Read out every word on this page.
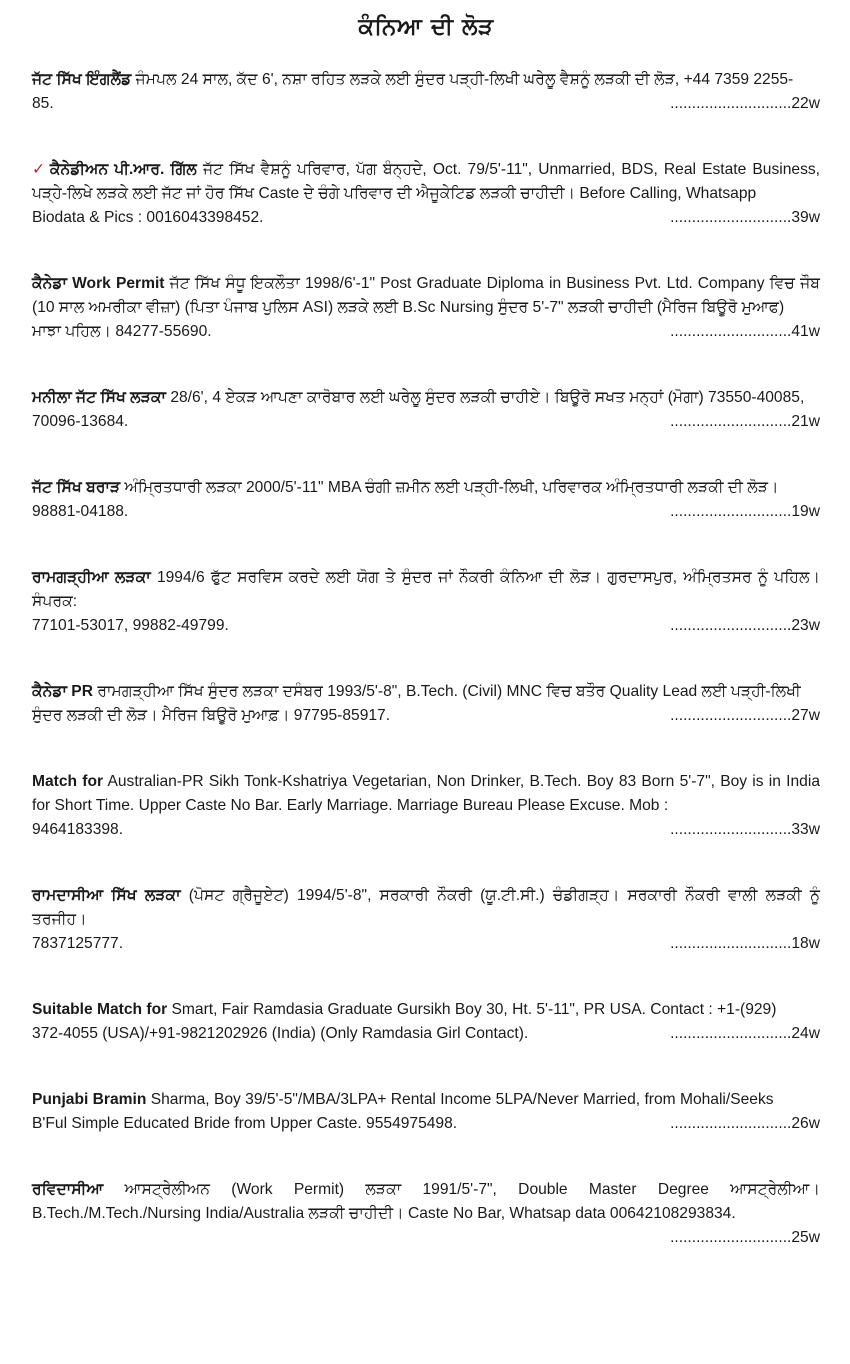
ਕੰਨਿਆ ਦੀ ਲੋੜ
ਜੱਟ ਸਿੱਖ ਇੰਗਲੈਂਡ ਜੰਮਪਲ 24 ਸਾਲ, ਕੱਦ 6', ਨਸ਼ਾ ਰਹਿਤ ਲੜਕੇ ਲਈ ਸੁੰਦਰ ਪੜ੍ਹੀ-ਲਿਖੀ ਘਰੇਲੂ ਵੈਸ਼ਨੂੰ ਲੜਕੀ ਦੀ ਲੋੜ, +44 7359 2255-
85.	............................22w
✓ ਕੈਨੇਡੀਅਨ ਪੀ.ਆਰ. ਗਿੱਲ ਜੱਟ ਸਿੱਖ ਵੈਸ਼ਨੂੰ ਪਰਿਵਾਰ, ਪੱਗ ਬੰਨ੍ਹਦੇ, Oct. 79/5'-11", Unmarried, BDS, Real Estate Business, ਪੜ੍ਹੇ-ਲਿਖੇ ਲੜਕੇ ਲਈ ਜੱਟ ਜਾਂ ਹੋਰ ਸਿੱਖ Caste ਦੇ ਚੰਗੇ ਪਰਿਵਾਰ ਦੀ ਐਜੂਕੇਟਿਡ ਲੜਕੀ ਚਾਹੀਦੀ। Before Calling, Whatsapp
Biodata & Pics : 0016043398452.	............................39w
ਕੈਨੇਡਾ Work Permit ਜੱਟ ਸਿੱਖ ਸੰਧੂ ਇਕਲੌਤਾ 1998/6'-1" Post Graduate Diploma in Business Pvt. Ltd. Company ਵਿਚ ਜੌਬ (10 ਸਾਲ ਅਮਰੀਕਾ ਵੀਜ਼ਾ) (ਪਿਤਾ ਪੰਜਾਬ ਪੁਲਿਸ ASI) ਲੜਕੇ ਲਈ B.Sc Nursing ਸੁੰਦਰ 5'-7" ਲੜਕੀ ਚਾਹੀਦੀ (ਮੈਰਿਜ ਬਿਊਰੋ ਮੁਆਫ)
ਮਾਝਾ ਪਹਿਲ। 84277-55690.	............................41w
ਮਨੀਲਾ ਜੱਟ ਸਿੱਖ ਲੜਕਾ 28/6', 4 ਏਕੜ ਆਪਣਾ ਕਾਰੋਬਾਰ ਲਈ ਘਰੇਲੂ ਸੁੰਦਰ ਲੜਕੀ ਚਾਹੀਏ। ਬਿਊਰੋ ਸਖਤ ਮਨ੍ਹਾਂ (ਮੋਗਾ) 73550-40085,
70096-13684.	............................21w
ਜੱਟ ਸਿੱਖ ਬਰਾੜ ਅੰਮ੍ਰਿਤਧਾਰੀ ਲੜਕਾ 2000/5'-11" MBA ਚੰਗੀ ਜ਼ਮੀਨ ਲਈ ਪੜ੍ਹੀ-ਲਿਖੀ, ਪਰਿਵਾਰਕ ਅੰਮ੍ਰਿਤਧਾਰੀ ਲੜਕੀ ਦੀ ਲੋੜ।
98881-04188.	............................19w
ਰਾਮਗੜ੍ਹੀਆ ਲੜਕਾ 1994/6 ਫੁੱਟ ਸਰਵਿਸ ਕਰਦੇ ਲਈ ਯੋਗ ਤੇ ਸੁੰਦਰ ਜਾਂ ਨੌਕਰੀ ਕੰਨਿਆ ਦੀ ਲੋੜ। ਗੁਰਦਾਸਪੁਰ, ਅੰਮ੍ਰਿਤਸਰ ਨੂੰ ਪਹਿਲ। ਸੰਪਰਕ:
77101-53017, 99882-49799.	............................23w
ਕੈਨੇਡਾ PR ਰਾਮਗੜ੍ਹੀਆ ਸਿੱਖ ਸੁੰਦਰ ਲੜਕਾ ਦਸੰਬਰ 1993/5'-8", B.Tech. (Civil) MNC ਵਿਚ ਬਤੌਰ Quality Lead ਲਈ ਪੜ੍ਹੀ-ਲਿਖੀ
ਸੁੰਦਰ ਲੜਕੀ ਦੀ ਲੋੜ। ਮੈਰਿਜ ਬਿਊਰੋ ਮੁਆਫ਼। 97795-85917.	............................27w
Match for Australian-PR Sikh Tonk-Kshatriya Vegetarian, Non Drinker, B.Tech. Boy 83 Born 5'-7", Boy is in India for Short Time. Upper Caste No Bar. Early Marriage. Marriage Bureau Please Excuse. Mob :
9464183398.	............................33w
ਰਾਮਦਾਸੀਆ ਸਿੱਖ ਲੜਕਾ (ਪੋਸਟ ਗ੍ਰੈਜੂਏਟ) 1994/5'-8", ਸਰਕਾਰੀ ਨੌਕਰੀ (ਯੂ.ਟੀ.ਸੀ.) ਚੰਡੀਗੜ੍ਹ। ਸਰਕਾਰੀ ਨੌਕਰੀ ਵਾਲੀ ਲੜਕੀ ਨੂੰ ਤਰਜੀਹ।
7837125777.	............................18w
Suitable Match for Smart, Fair Ramdasia Graduate Gursikh Boy 30, Ht. 5'-11", PR USA. Contact : +1-(929)
372-4055 (USA)/+91-9821202926 (India) (Only Ramdasia Girl Contact).	............................24w
Punjabi Bramin Sharma, Boy 39/5'-5"/MBA/3LPA+ Rental Income 5LPA/Never Married, from Mohali/Seeks
B'Ful Simple Educated Bride from Upper Caste. 9554975498.	............................26w
ਰਵਿਦਾਸੀਆ ਆਸਟ੍ਰੇਲੀਅਨ (Work Permit) ਲੜਕਾ 1991/5'-7", Double Master Degree ਆਸਟ੍ਰੇਲੀਆ। B.Tech./M.Tech./Nursing India/Australia ਲੜਕੀ ਚਾਹੀਦੀ। Caste No Bar, Whatsap data 00642108293834.
............................25w
